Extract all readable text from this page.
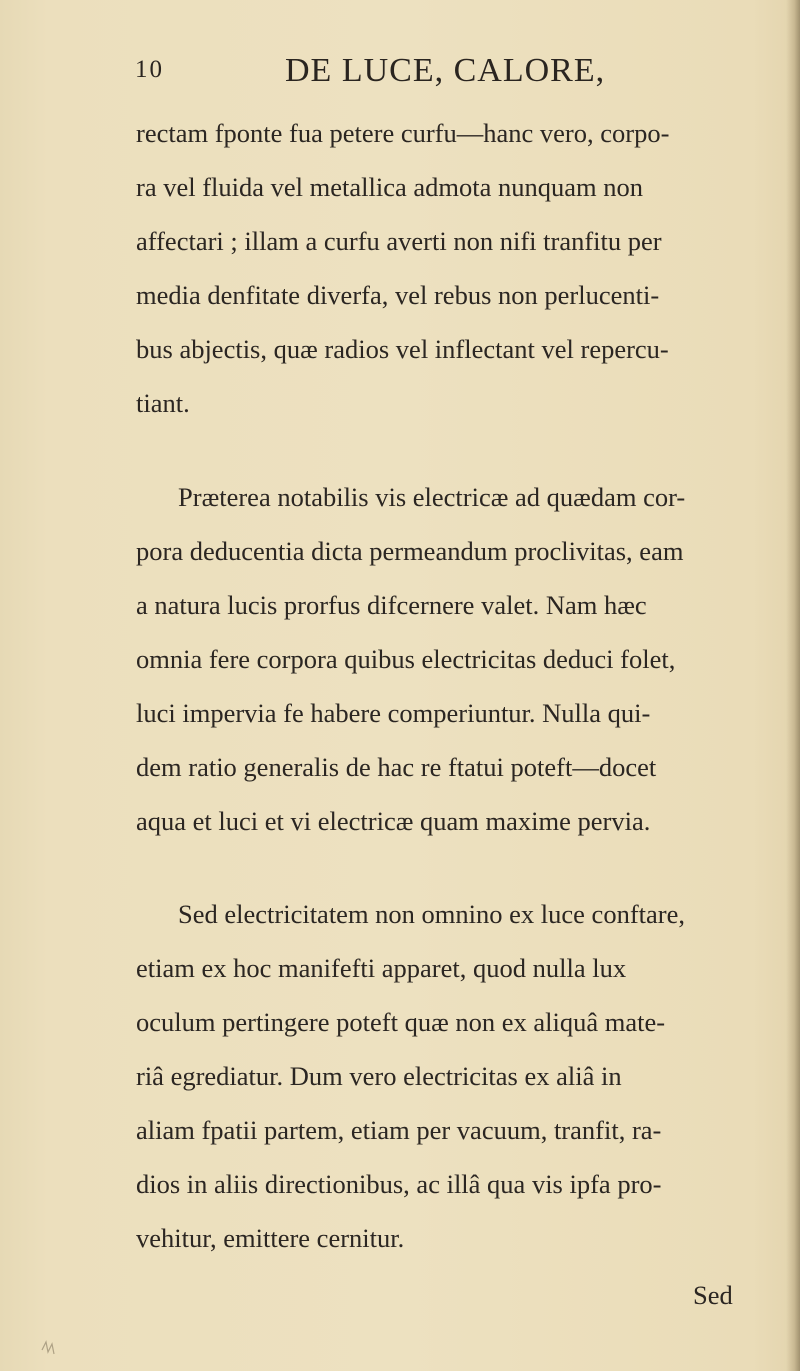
10	DE LUCE, CALORE,
rectam fponte fua petere curfu—hanc vero, corpo-
ra vel fluida vel metallica admota nunquam non
affectari ; illam a curfu averti non nifi tranfitu per
media denfitate diverfa, vel rebus non perlucenti-
bus abjectis, quæ radios vel inflectant vel repercu-
tiant.
Præterea notabilis vis electricæ ad quædam cor-
pora deducentia dicta permeandum proclivitas, eam
a natura lucis prorfus difcernere valet. Nam hæc
omnia fere corpora quibus electricitas deduci folet,
luci impervia fe habere comperiuntur. Nulla qui-
dem ratio generalis de hac re ftatui poteft—docet
aqua et luci et vi electricæ quam maxime pervia.
Sed electricitatem non omnino ex luce conftare,
etiam ex hoc manifefti apparet, quod nulla lux
oculum pertingere poteft quæ non ex aliquâ mate-
riâ egrediatur. Dum vero electricitas ex aliâ in
aliam fpatii partem, etiam per vacuum, tranfit, ra-
dios in aliis directionibus, ac illâ qua vis ipfa pro-
vehitur, emittere cernitur.
Sed
